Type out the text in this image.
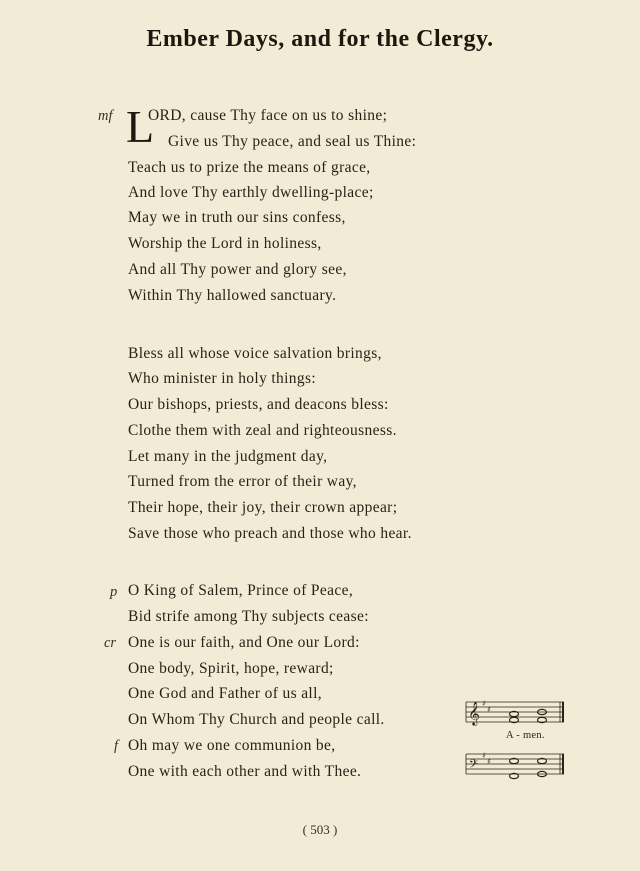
Ember Days, and for the Clergy.
L
mf ORD, cause Thy face on us to shine;
Give us Thy peace, and seal us Thine:
Teach us to prize the means of grace,
And love Thy earthly dwelling-place;
May we in truth our sins confess,
Worship the Lord in holiness,
And all Thy power and glory see,
Within Thy hallowed sanctuary.
Bless all whose voice salvation brings,
Who minister in holy things:
Our bishops, priests, and deacons bless:
Clothe them with zeal and righteousness.
Let many in the judgment day,
Turned from the error of their way,
Their hope, their joy, their crown appear;
Save those who preach and those who hear.
p O King of Salem, Prince of Peace,
Bid strife among Thy subjects cease:
cr One is our faith, and One our Lord:
One body, Spirit, hope, reward;
One God and Father of us all,
On Whom Thy Church and people call.
f Oh may we one communion be,
One with each other and with Thee.
𝄞
𝄢
♯
♯
♯
♯
A - men.
( 503 )
